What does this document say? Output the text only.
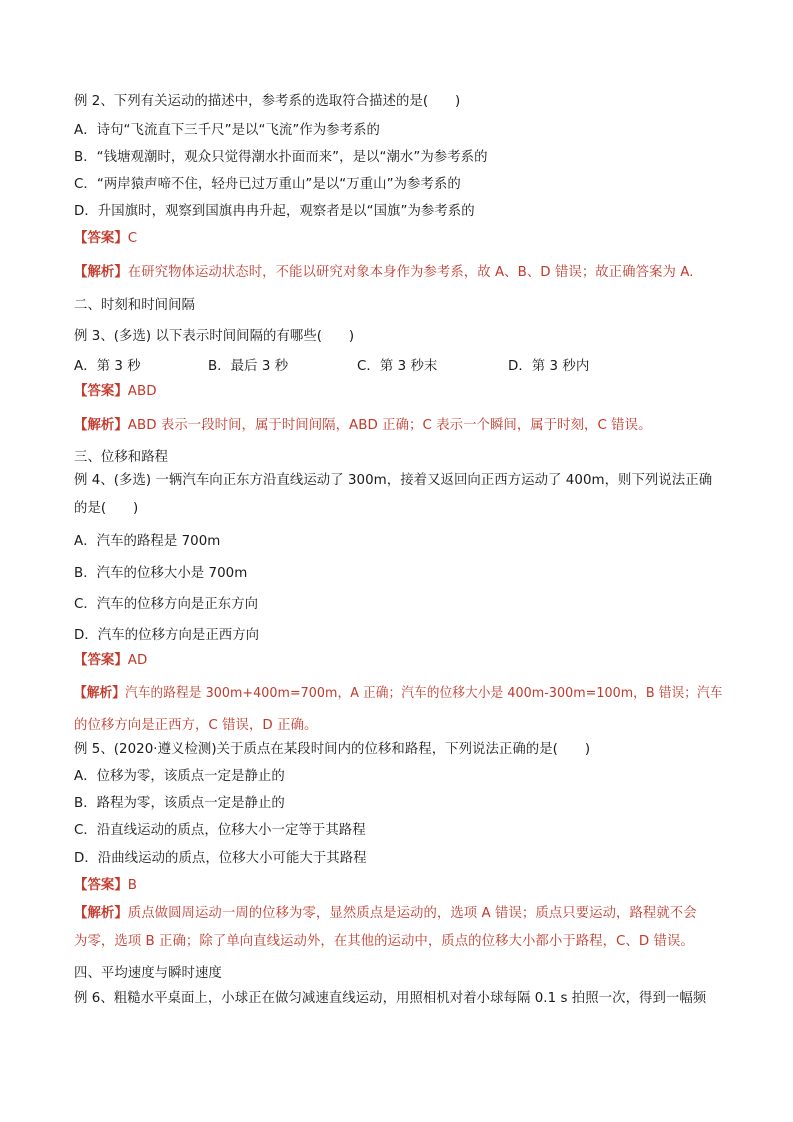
例 2、下列有关运动的描述中，参考系的选取符合描述的是(　　)
A．诗句“飞流直下三千尺”是以“飞流”作为参考系的
B．“钱塘观潮时，观众只觉得潮水扑面而来”，是以“潮水”为参考系的
C．“两岸猿声啼不住，轻舟已过万重山”是以“万重山”为参考系的
D．升国旗时，观察到国旗冉冉升起，观察者是以“国旗”为参考系的
【答案】C
【解析】在研究物体运动状态时，不能以研究对象本身作为参考系，故 A、B、D 错误；故正确答案为 A.
二、时刻和时间间隔
例 3、(多选) 以下表示时间间隔的有哪些(　　)
A．第 3 秒	B．最后 3 秒	C．第 3 秒末	D．第 3 秒内
【答案】ABD
【解析】ABD 表示一段时间，属于时间间隔，ABD 正确；C 表示一个瞬间，属于时刻，C 错误。
三、位移和路程
例 4、(多选) 一辆汽车向正东方沿直线运动了 300m，接着又返回向正西方运动了 400m，则下列说法正确
的是(　　)
A．汽车的路程是 700m
B．汽车的位移大小是 700m
C．汽车的位移方向是正东方向
D．汽车的位移方向是正西方向
【答案】AD
【解析】汽车的路程是 300m+400m=700m，A 正确；汽车的位移大小是 400m-300m=100m，B 错误；汽车
的位移方向是正西方，C 错误，D 正确。
例 5、(2020·遵义检测)关于质点在某段时间内的位移和路程，下列说法正确的是(　　)
A．位移为零，该质点一定是静止的
B．路程为零，该质点一定是静止的
C．沿直线运动的质点，位移大小一定等于其路程
D．沿曲线运动的质点，位移大小可能大于其路程
【答案】B
【解析】质点做圆周运动一周的位移为零，显然质点是运动的，选项 A 错误；质点只要运动，路程就不会
为零，选项 B 正确；除了单向直线运动外，在其他的运动中，质点的位移大小都小于路程，C、D 错误。
四、平均速度与瞬时速度
例 6、粗糙水平桌面上，小球正在做匀减速直线运动，用照相机对着小球每隔 0.1 s 拍照一次，得到一幅频
